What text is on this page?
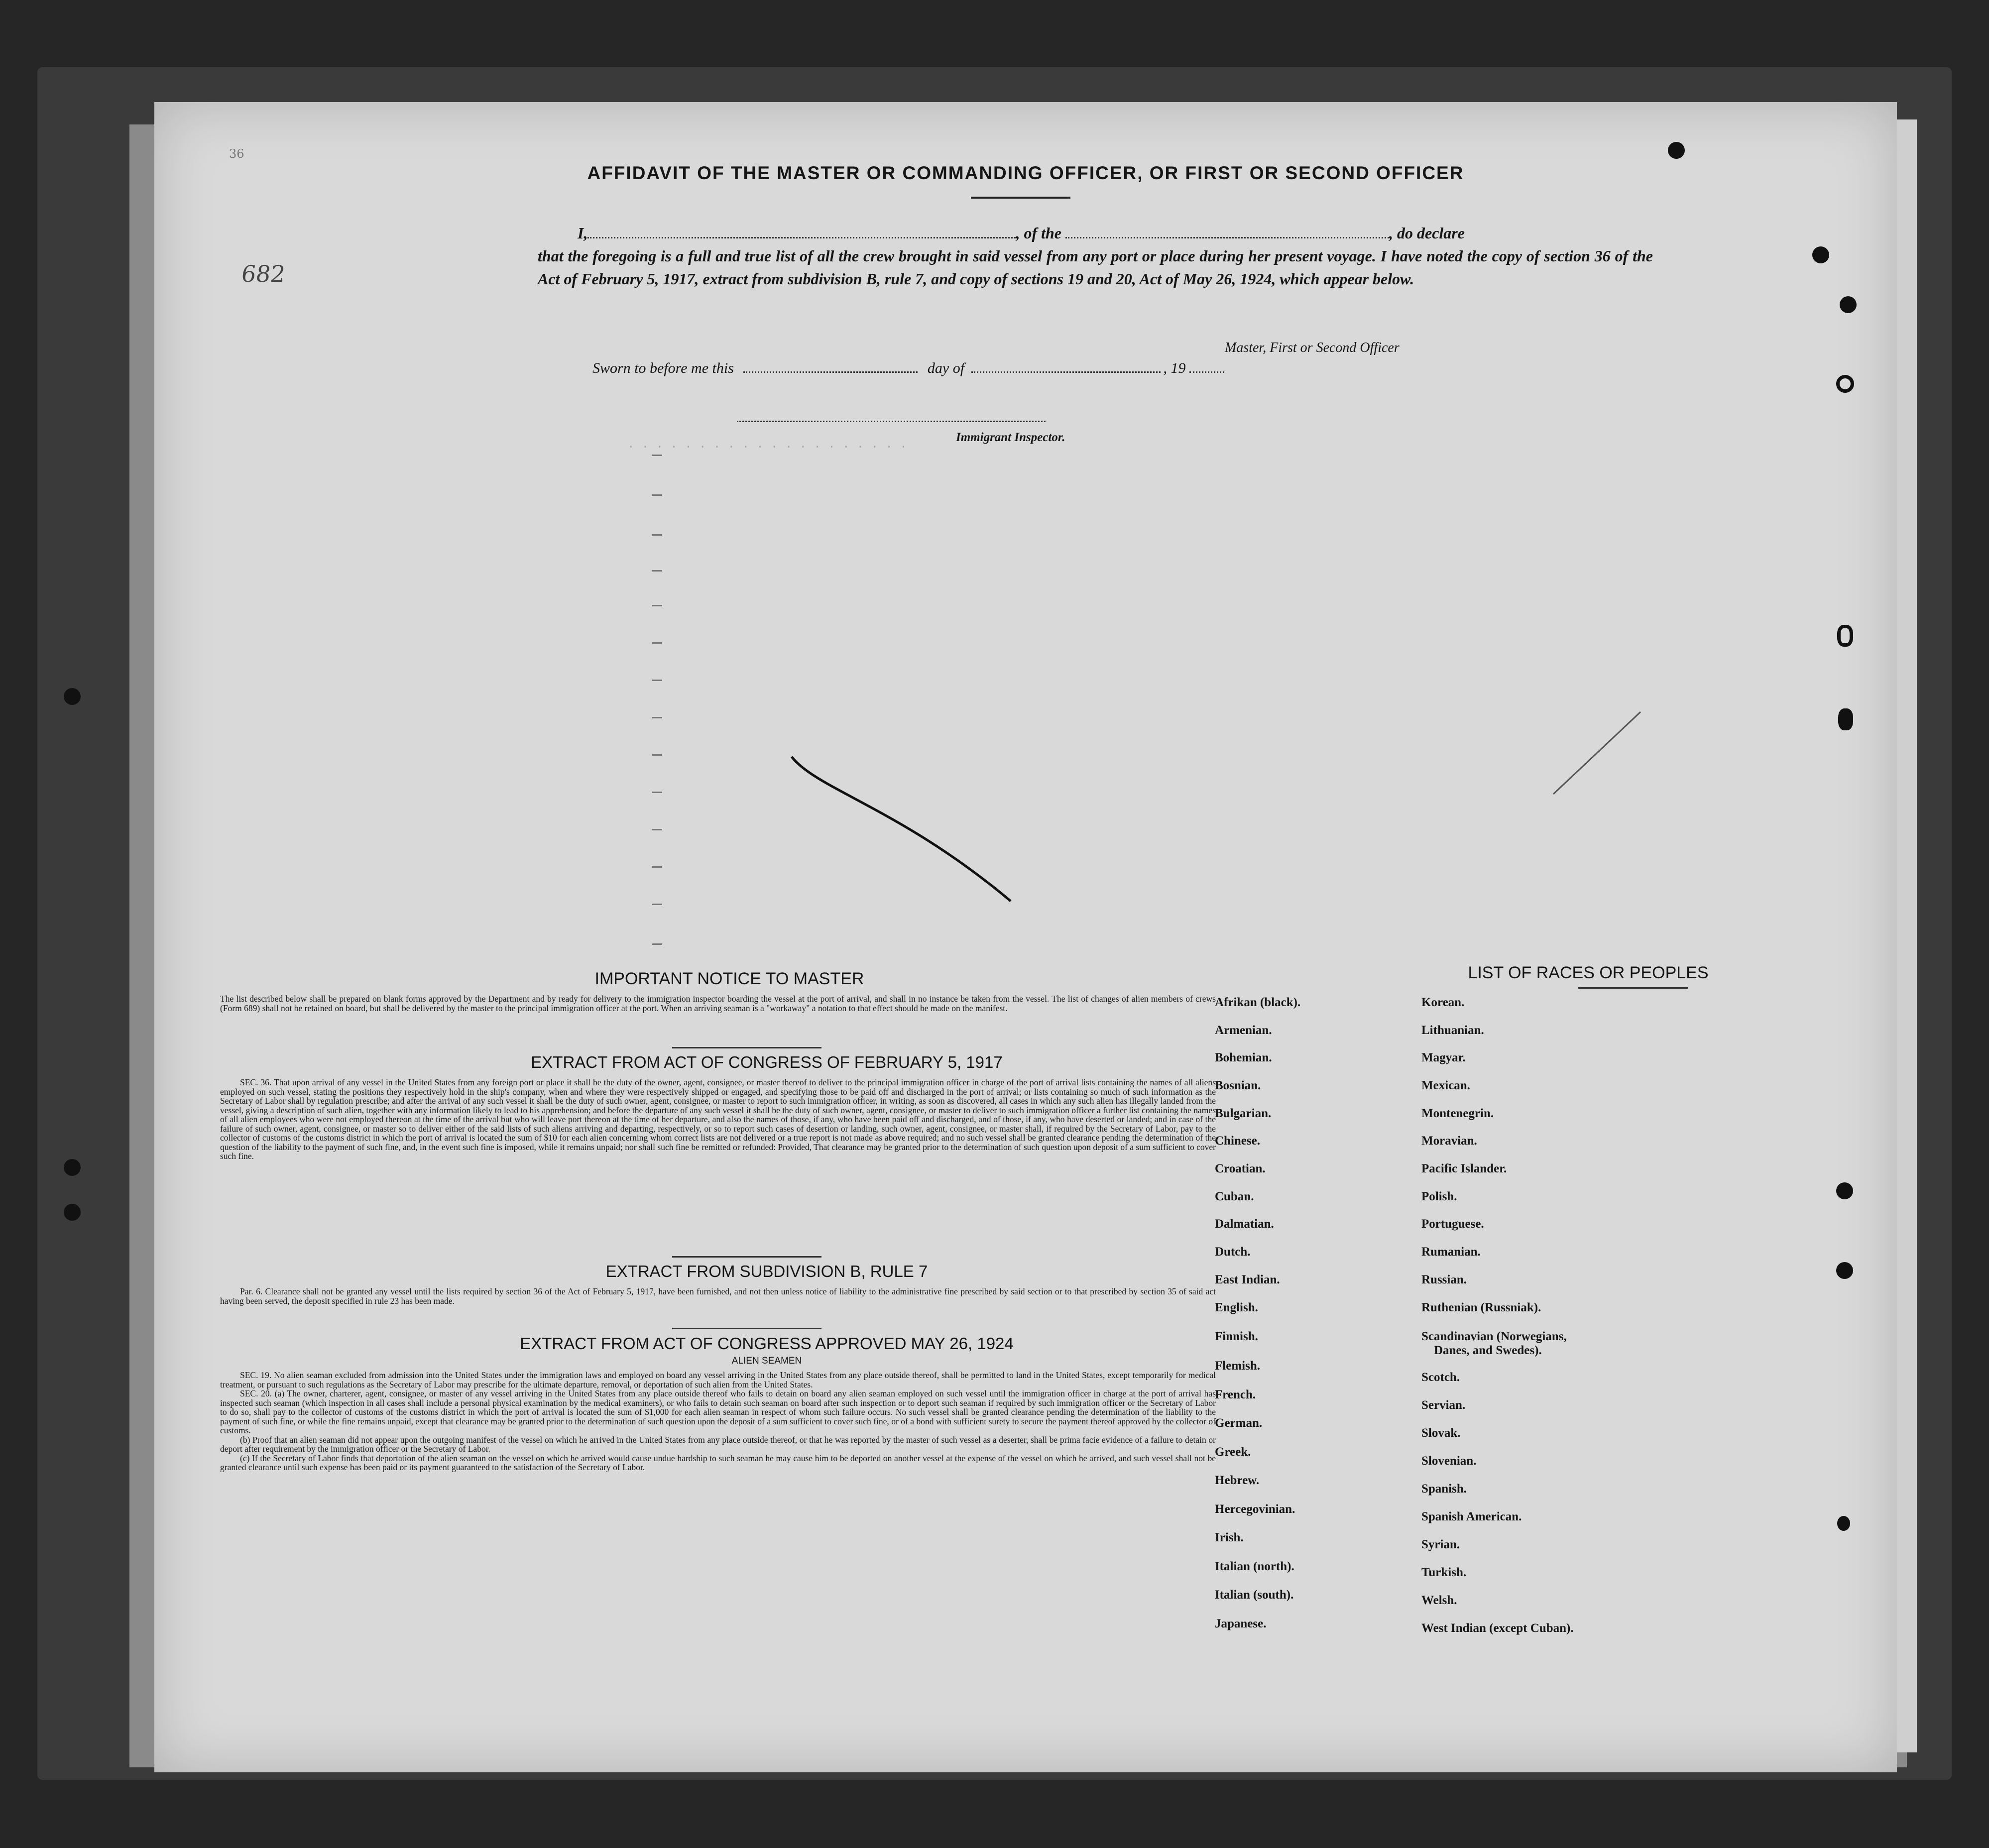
· · · · · · · · · · · · · · · · · · · ·
682
36
AFFIDAVIT OF THE MASTER OR COMMANDING OFFICER, OR FIRST OR SECOND OFFICER
I,	, of the	, do declare
that the foregoing is a full and true list of all the crew brought in said vessel from any port or place during her present voyage. I have noted the copy of section 36 of the Act of February 5, 1917, extract from subdivision B, rule 7, and copy of sections 19 and 20, Act of May 26, 1924, which appear below.
Master, First or Second Officer
Sworn to before me this	day of	, 19
Immigrant Inspector.
IMPORTANT NOTICE TO MASTER
The list described below shall be prepared on blank forms approved by the Department and by ready for delivery to the immigration inspector boarding the vessel at the port of arrival, and shall in no instance be taken from the vessel. The list of changes of alien members of crews (Form 689) shall not be retained on board, but shall be delivered by the master to the principal immigration officer at the port. When an arriving seaman is a "workaway" a notation to that effect should be made on the manifest.
EXTRACT FROM ACT OF CONGRESS OF FEBRUARY 5, 1917
SEC. 36. That upon arrival of any vessel in the United States from any foreign port or place it shall be the duty of the owner, agent, consignee, or master thereof to deliver to the principal immigration officer in charge of the port of arrival lists containing the names of all aliens employed on such vessel, stating the positions they respectively hold in the ship's company, when and where they were respectively shipped or engaged, and specifying those to be paid off and discharged in the port of arrival; or lists containing so much of such information as the Secretary of Labor shall by regulation prescribe; and after the arrival of any such vessel it shall be the duty of such owner, agent, consignee, or master to report to such immigration officer, in writing, as soon as discovered, all cases in which any such alien has illegally landed from the vessel, giving a description of such alien, together with any information likely to lead to his apprehension; and before the departure of any such vessel it shall be the duty of such owner, agent, consignee, or master to deliver to such immigration officer a further list containing the names of all alien employees who were not employed thereon at the time of the arrival but who will leave port thereon at the time of her departure, and also the names of those, if any, who have been paid off and discharged, and of those, if any, who have deserted or landed; and in case of the failure of such owner, agent, consignee, or master so to deliver either of the said lists of such aliens arriving and departing, respectively, or so to report such cases of desertion or landing, such owner, agent, consignee, or master shall, if required by the Secretary of Labor, pay to the collector of customs of the customs district in which the port of arrival is located the sum of $10 for each alien concerning whom correct lists are not delivered or a true report is not made as above required; and no such vessel shall be granted clearance pending the determination of the question of the liability to the payment of such fine, and, in the event such fine is imposed, while it remains unpaid; nor shall such fine be remitted or refunded: Provided, That clearance may be granted prior to the determination of such question upon deposit of a sum sufficient to cover such fine.
EXTRACT FROM SUBDIVISION B, RULE 7
Par. 6. Clearance shall not be granted any vessel until the lists required by section 36 of the Act of February 5, 1917, have been furnished, and not then unless notice of liability to the administrative fine prescribed by said section or to that prescribed by section 35 of said act having been served, the deposit specified in rule 23 has been made.
EXTRACT FROM ACT OF CONGRESS APPROVED MAY 26, 1924
ALIEN SEAMEN

SEC. 19. No alien seaman excluded from admission into the United States under the immigration laws and employed on board any vessel arriving in the United States from any place outside thereof, shall be permitted to land in the United States, except temporarily for medical treatment, or pursuant to such regulations as the Secretary of Labor may prescribe for the ultimate departure, removal, or deportation of such alien from the United States.

SEC. 20. (a) The owner, charterer, agent, consignee, or master of any vessel arriving in the United States from any place outside thereof who fails to detain on board any alien seaman employed on such vessel until the immigration officer in charge at the port of arrival has inspected such seaman (which inspection in all cases shall include a personal physical examination by the medical examiners), or who fails to detain such seaman on board after such inspection or to deport such seaman if required by such immigration officer or the Secretary of Labor to do so, shall pay to the collector of customs of the customs district in which the port of arrival is located the sum of $1,000 for each alien seaman in respect of whom such failure occurs. No such vessel shall be granted clearance pending the determination of the liability to the payment of such fine, or while the fine remains unpaid, except that clearance may be granted prior to the determination of such question upon the deposit of a sum sufficient to cover such fine, or of a bond with sufficient surety to secure the payment thereof approved by the collector of customs.

(b) Proof that an alien seaman did not appear upon the outgoing manifest of the vessel on which he arrived in the United States from any place outside thereof, or that he was reported by the master of such vessel as a deserter, shall be prima facie evidence of a failure to detain or deport after requirement by the immigration officer or the Secretary of Labor.

(c) If the Secretary of Labor finds that deportation of the alien seaman on the vessel on which he arrived would cause undue hardship to such seaman he may cause him to be deported on another vessel at the expense of the vessel on which he arrived, and such vessel shall not be granted clearance until such expense has been paid or its payment guaranteed to the satisfaction of the Secretary of Labor.

LIST OF RACES OR PEOPLES
Afrikan (black).
Armenian.
Bohemian.
Bosnian.
Bulgarian.
Chinese.
Croatian.
Cuban.
Dalmatian.
Dutch.
East Indian.
English.
Finnish.
Flemish.
French.
German.
Greek.
Hebrew.
Hercegovinian.
Irish.
Italian (north).
Italian (south).
Japanese.
Korean.
Lithuanian.
Magyar.
Mexican.
Montenegrin.
Moravian.
Pacific Islander.
Polish.
Portuguese.
Rumanian.
Russian.
Ruthenian (Russniak).
Scandinavian (Norwegians,
Danes, and Swedes).
Scotch.
Servian.
Slovak.
Slovenian.
Spanish.
Spanish American.
Syrian.
Turkish.
Welsh.
West Indian (except Cuban).
